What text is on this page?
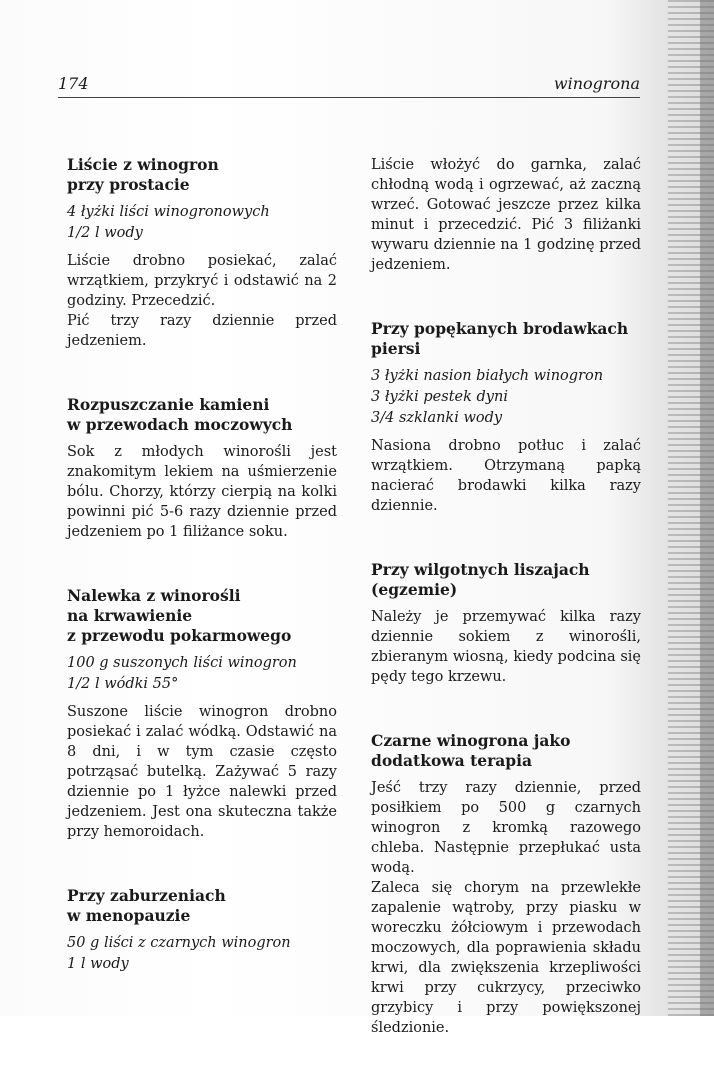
174	winogrona
Liście z winogron
przy prostacie
4 łyżki liści winogronowych
1/2 l wody

Liście drobno posiekać, zalać wrzątkiem, przykryć i odstawić na 2 godziny. Przecedzić.

Pić trzy razy dziennie przed jedzeniem.

Rozpuszczanie kamieni
w przewodach moczowych

Sok z młodych winorośli jest znakomitym lekiem na uśmierzenie bólu. Chorzy, którzy cierpią na kolki powinni pić 5-6 razy dziennie przed jedzeniem po 1 filiżance soku.

Nalewka z winorośli
na krwawienie
z przewodu pokarmowego
100 g suszonych liści winogron
1/2 l wódki 55°

Suszone liście winogron drobno posiekać i zalać wódką. Odstawić na 8 dni, i w tym czasie często potrząsać butelką. Zażywać 5 razy dziennie po 1 łyżce nalewki przed jedzeniem. Jest ona skuteczna także przy hemoroidach.

Przy zaburzeniach
w menopauzie
50 g liści z czarnych winogron
1 l wody

Liście włożyć do garnka, zalać chłodną wodą i ogrzewać, aż zaczną wrzeć. Gotować jeszcze przez kilka minut i przecedzić. Pić 3 filiżanki wywaru dziennie na 1 godzinę przed jedzeniem.

Przy popękanych brodawkach
piersi
3 łyżki nasion białych winogron
3 łyżki pestek dyni
3/4 szklanki wody

Nasiona drobno potłuc i zalać wrzątkiem. Otrzymaną papką nacierać brodawki kilka razy dziennie.

Przy wilgotnych liszajach
(egzemie)

Należy je przemywać kilka razy dziennie sokiem z winorośli, zbieranym wiosną, kiedy podcina się pędy tego krzewu.

Czarne winogrona jako
dodatkowa terapia

Jeść trzy razy dziennie, przed posiłkiem po 500 g czarnych winogron z kromką razowego chleba. Następnie przepłukać usta wodą.

Zaleca się chorym na przewlekłe zapalenie wątroby, przy piasku w woreczku żółciowym i przewodach moczowych, dla poprawienia składu krwi, dla zwiększenia krzepliwości krwi przy cukrzycy, przeciwko grzybicy i przy powiększonej śledzionie.
